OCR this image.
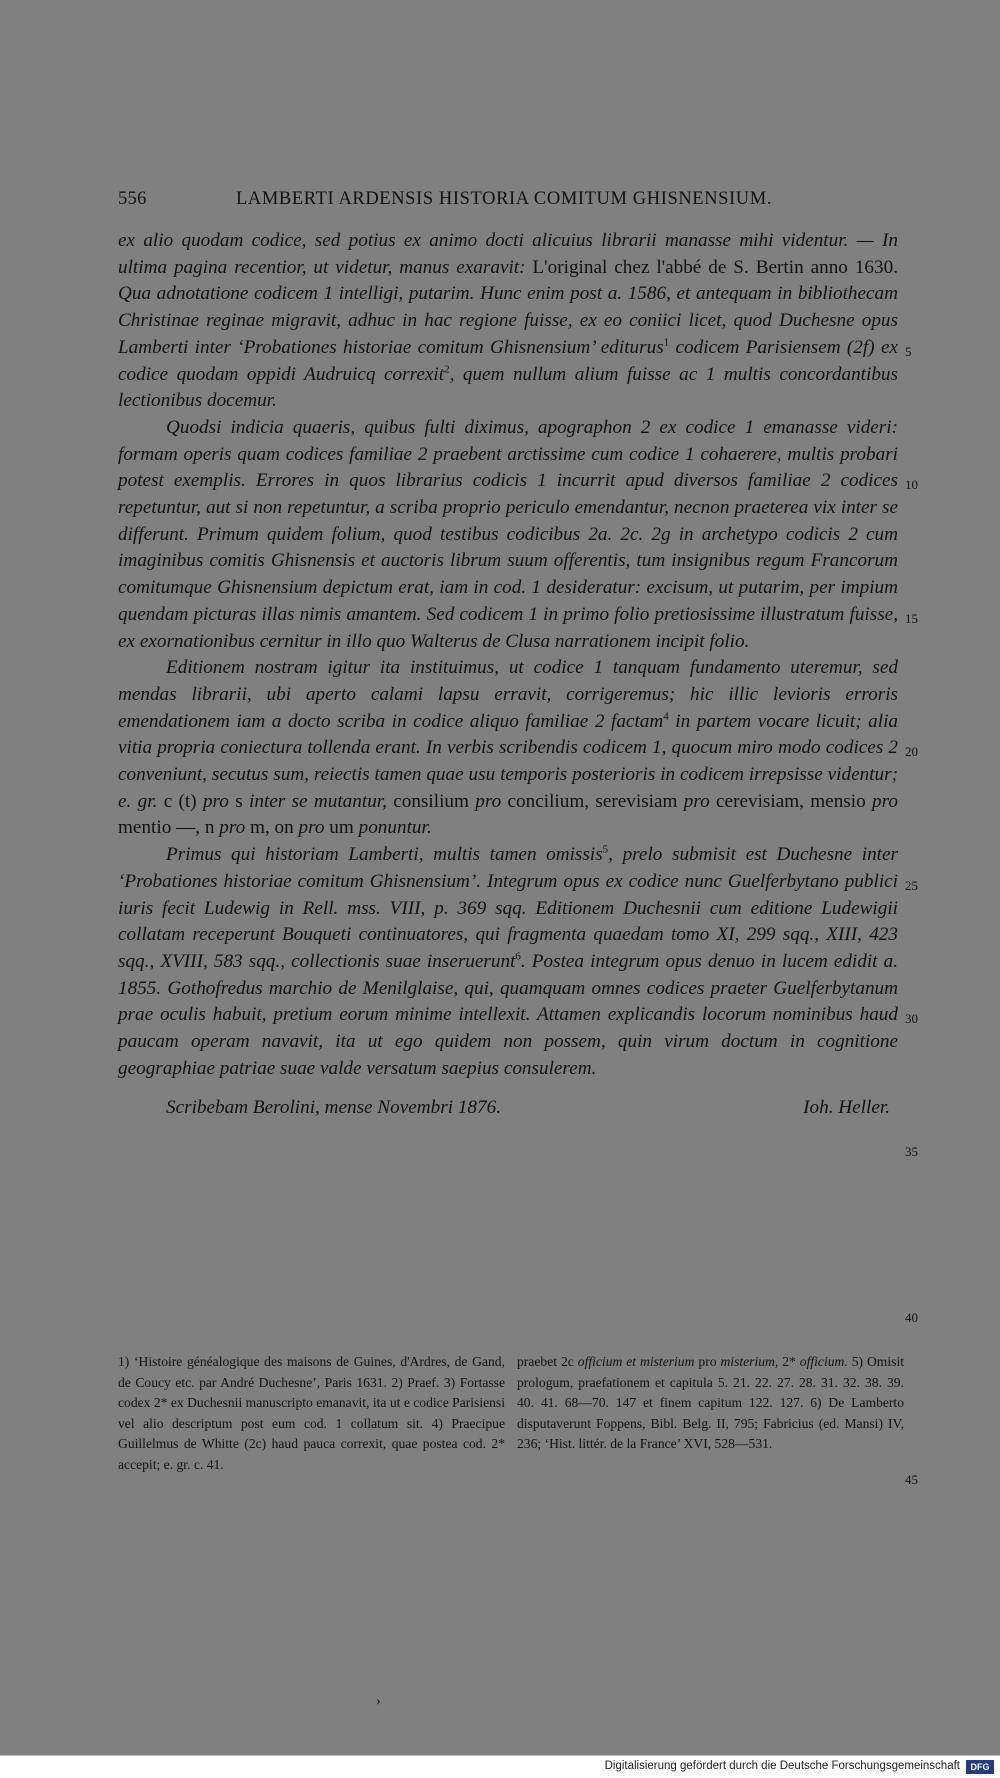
556	LAMBERTI ARDENSIS HISTORIA COMITUM GHISNENSIUM.

ex alio quodam codice, sed potius ex animo docti alicuius librarii manasse mihi videntur. — In ultima pagina recentior, ut videtur, manus exaravit: L'original chez l'abbé de S. Bertin anno 1630. Qua adnotatione codicem 1 intelligi, putarim. Hunc enim post a. 1586, et antequam in bibliothecam Christinae reginae migravit, adhuc in hac regione fuisse, ex eo coniici licet, quod Duchesne opus Lamberti inter ‘Probationes historiae comitum Ghisnensium’ editurus$^1$ codicem Parisiensem (2f) ex codice quodam oppidi Audruicq correxit$^2$, quem nullum alium fuisse ac 1 multis concordantibus lectionibus docemur.

Quodsi indicia quaeris, quibus fulti diximus, apographon 2 ex codice 1 emanasse videri: formam operis quam codices familiae 2 praebent arctissime cum codice 1 cohaerere, multis probari potest exemplis. Errores in quos librarius codicis 1 incurrit apud diversos familiae 2 codices repetuntur, aut si non repetuntur, a scriba proprio periculo emendantur, necnon praeterea vix inter se differunt. Primum quidem folium, quod testibus codicibus 2a. 2c. 2g in archetypo codicis 2 cum imaginibus comitis Ghisnensis et auctoris librum suum offerentis, tum insignibus regum Francorum comitumque Ghisnensium depictum erat, iam in cod. 1 desideratur: excisum, ut putarim, per impium quendam picturas illas nimis amantem. Sed codicem 1 in primo folio pretiosissime illustratum fuisse, ex exornationibus cernitur in illo quo Walterus de Clusa narrationem incipit folio.

Editionem nostram igitur ita instituimus, ut codice 1 tanquam fundamento uteremur, sed mendas librarii, ubi aperto calami lapsu erravit, corrigeremus; hic illic levioris erroris emendationem iam a docto scriba in codice aliquo familiae 2 factam$^4$ in partem vocare licuit; alia vitia propria coniectura tollenda erant. In verbis scribendis codicem 1, quocum miro modo codices 2 conveniunt, secutus sum, reiectis tamen quae usu temporis posterioris in codicem irrepsisse videntur; e. gr. c (t) pro s inter se mutantur, consilium pro concilium, serevisiam pro cerevisiam, mensio pro mentio —, n pro m, on pro um ponuntur.

Primus qui historiam Lamberti, multis tamen omissis$^5$, prelo submisit est Duchesne inter ‘Probationes historiae comitum Ghisnensium’. Integrum opus ex codice nunc Guelferbytano publici iuris fecit Ludewig in Rell. mss. VIII, p. 369 sqq. Editionem Duchesnii cum editione Ludewigii collatam receperunt Bouqueti continuatores, qui fragmenta quaedam tomo XI, 299 sqq., XIII, 423 sqq., XVIII, 583 sqq., collectionis suae inseruerunt$^6$. Postea integrum opus denuo in lucem edidit a. 1855. Gothofredus marchio de Menilglaise, qui, quamquam omnes codices praeter Guelferbytanum prae oculis habuit, pretium eorum minime intellexit. Attamen explicandis locorum nominibus haud paucam operam navavit, ita ut ego quidem non possem, quin virum doctum in cognitione geographiae patriae suae valde versatum saepius consulerem.

Scribebam Berolini, mense Novembri 1876.	Ioh. Heller.
5
10
15
20
25
30
35
40
45
1) ‘Histoire généalogique des maisons de Guines, d'Ardres, de Gand, de Coucy etc. par André Duchesne’, Paris 1631. 2) Praef. 3) Fortasse codex 2* ex Duchesnii manuscripto emanavit, ita ut e codice Parisiensi vel alio descriptum post eum cod. 1 collatum sit. 4) Praecipue Guillelmus de Whitte (2c) haud pauca correxit, quae postea cod. 2* accepit; e. gr. c. 41.
praebet 2c officium et misterium pro misterium, 2* officium. 5) Omisit prologum, praefationem et capitula 5. 21. 22. 27. 28. 31. 32. 38. 39. 40. 41. 68—70. 147 et finem capitum 122. 127. 6) De Lamberto disputaverunt Foppens, Bibl. Belg. II, 795; Fabricius (ed. Mansi) IV, 236; ‘Hist. littér. de la France’ XVI, 528—531.
›
Digitalisierung gefördert durch die Deutsche Forschungsgemeinschaft	DFG
